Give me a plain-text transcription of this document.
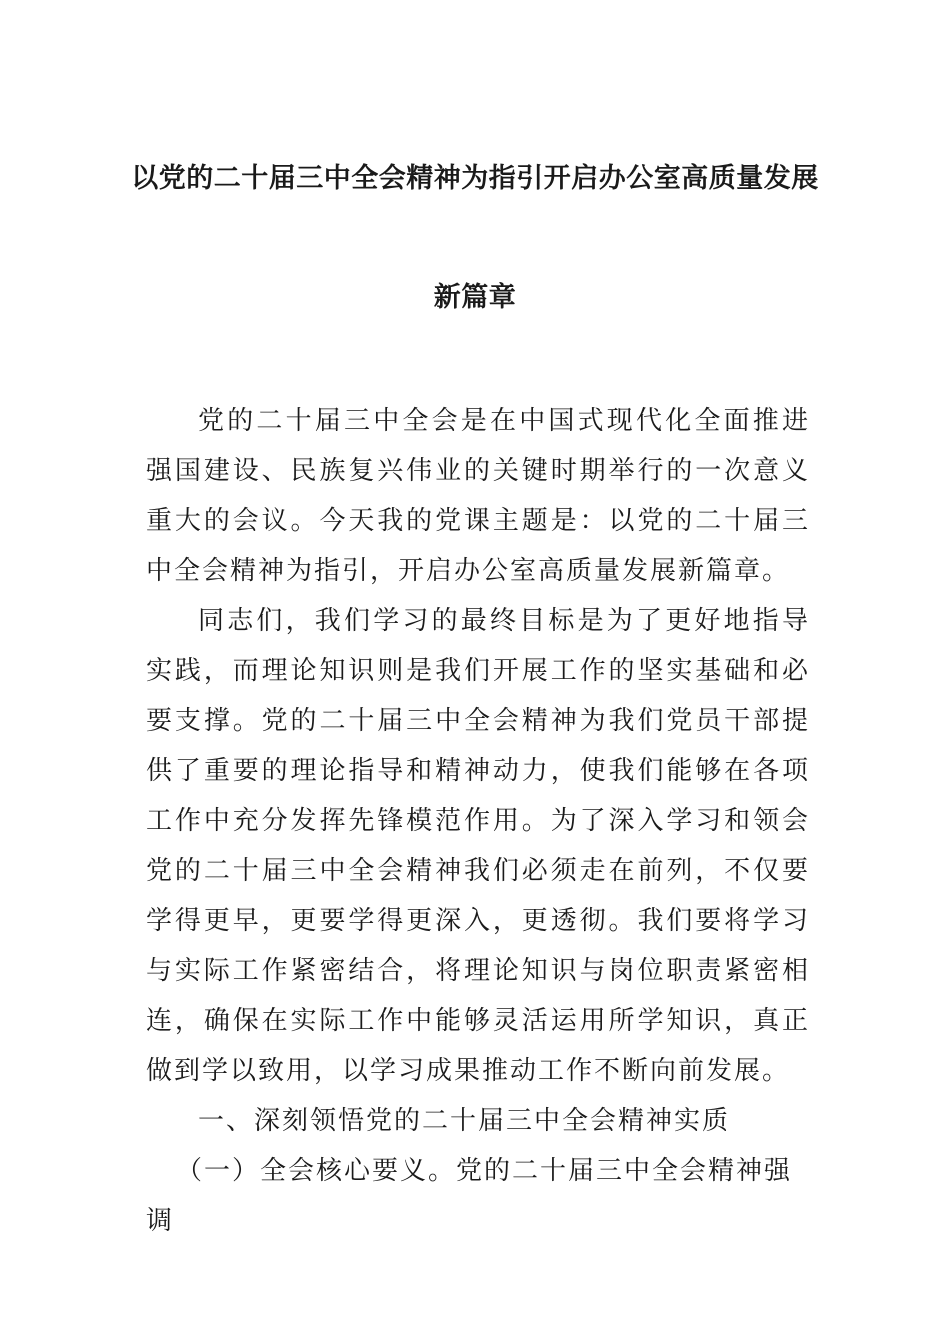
以党的二十届三中全会精神为指引开启办公室高质量发展
新篇章

党的二十届三中全会是在中国式现代化全面推进强国建设、民族复兴伟业的关键时期举行的一次意义重大的会议。今天我的党课主题是：以党的二十届三中全会精神为指引，开启办公室高质量发展新篇章。

同志们，我们学习的最终目标是为了更好地指导实践，而理论知识则是我们开展工作的坚实基础和必要支撑。党的二十届三中全会精神为我们党员干部提供了重要的理论指导和精神动力，使我们能够在各项工作中充分发挥先锋模范作用。为了深入学习和领会党的二十届三中全会精神我们必须走在前列，不仅要学得更早，更要学得更深入，更透彻。我们要将学习与实际工作紧密结合，将理论知识与岗位职责紧密相连，确保在实际工作中能够灵活运用所学知识，真正做到学以致用，以学习成果推动工作不断向前发展。

一、深刻领悟党的二十届三中全会精神实质

（一）全会核心要义。党的二十届三中全会精神强调
